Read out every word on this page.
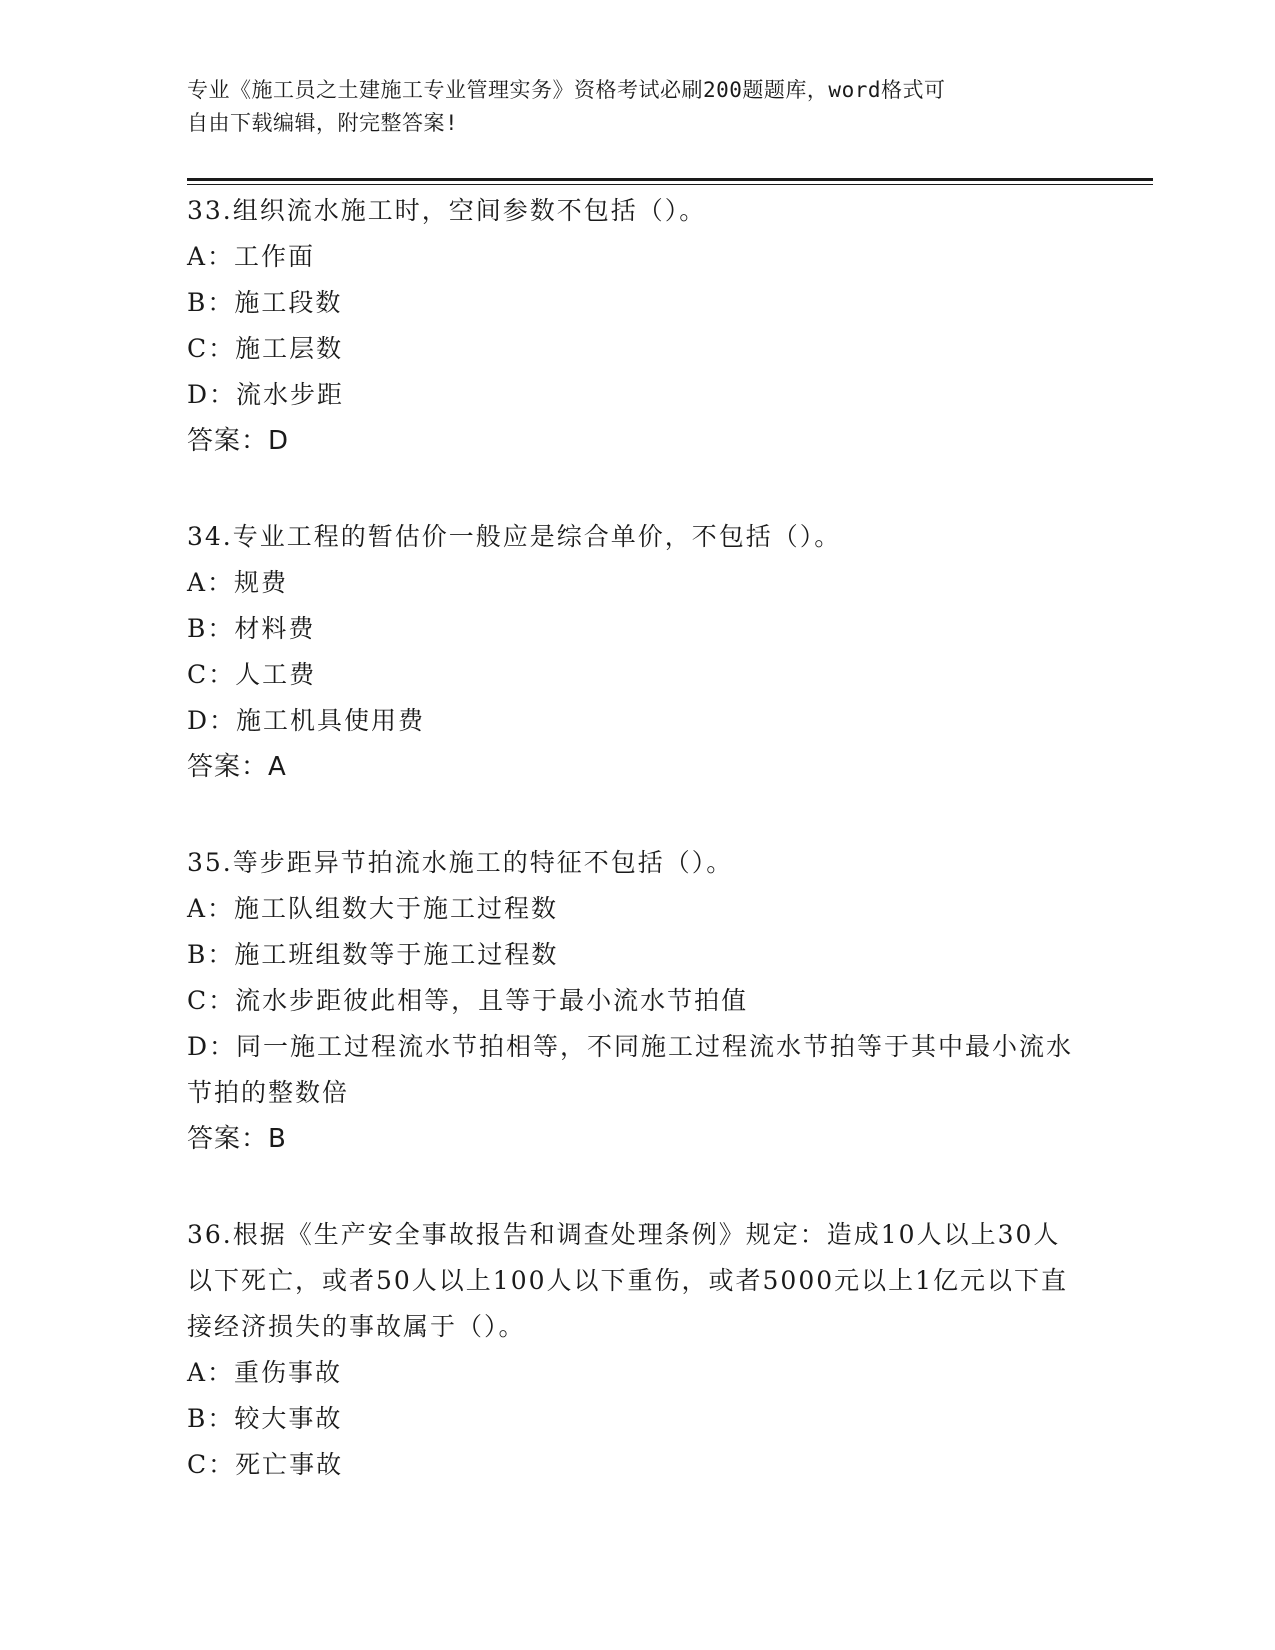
专业《施工员之土建施工专业管理实务》资格考试必刷200题题库，word格式可
自由下载编辑，附完整答案!
33.组织流水施工时，空间参数不包括（）。
A：工作面
B：施工段数
C：施工层数
D：流水步距
答案：D
34.专业工程的暂估价一般应是综合单价，不包括（）。
A：规费
B：材料费
C：人工费
D：施工机具使用费
答案：A
35.等步距异节拍流水施工的特征不包括（）。
A：施工队组数大于施工过程数
B：施工班组数等于施工过程数
C：流水步距彼此相等，且等于最小流水节拍值
D：同一施工过程流水节拍相等，不同施工过程流水节拍等于其中最小流水节拍的整数倍
答案：B
36.根据《生产安全事故报告和调查处理条例》规定：造成10人以上30人以下死亡，或者50人以上100人以下重伤，或者5000元以上1亿元以下直接经济损失的事故属于（）。
A：重伤事故
B：较大事故
C：死亡事故
